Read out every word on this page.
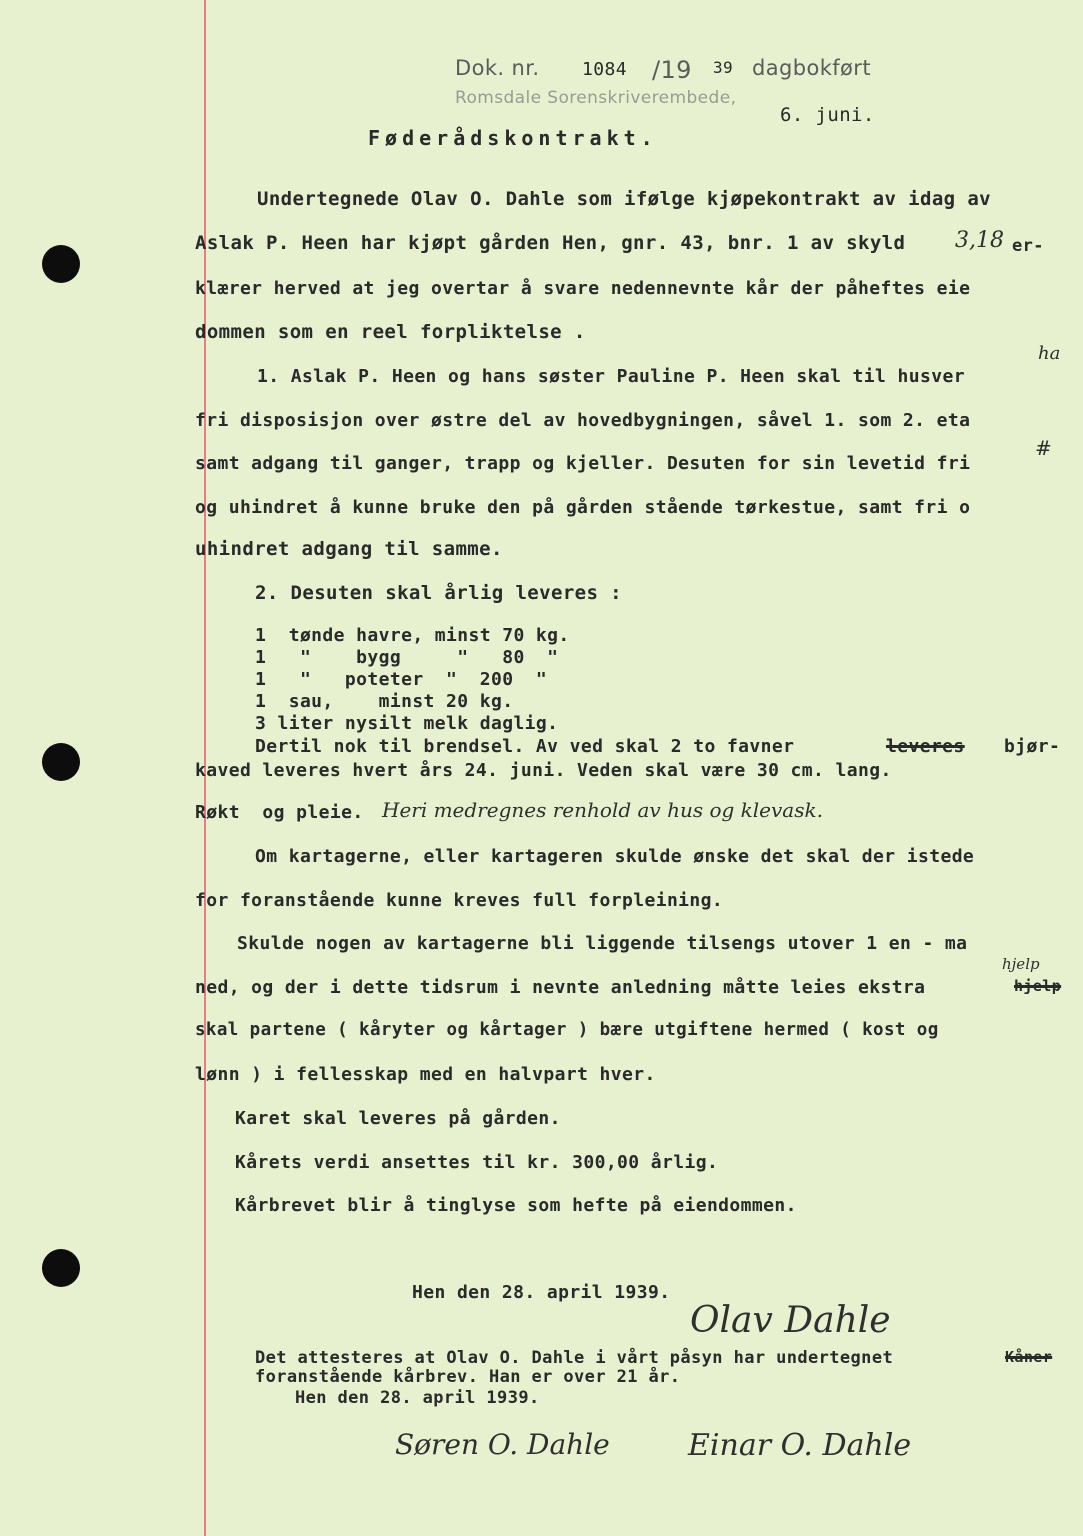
Dok. nr. 1084 /19 39 dagbokført
Romsdale Sorenskriverembede,
6. juni.
Føderådskontrakt.
Undertegnede Olav O. Dahle som ifølge kjøpekontrakt av idag av
Aslak P. Heen har kjøpt gården Hen, gnr. 43, bnr. 1 av skyld 3,18 er-
klærer herved at jeg overtar å svare nedennevnte kår der påheftes eie
dommen som en reel forpliktelse .
ha
1. Aslak P. Heen og hans søster Pauline P. Heen skal til husver
fri disposisjon over østre del av hovedbygningen, såvel 1. som 2. eta
#
samt adgang til ganger, trapp og kjeller. Desuten for sin levetid fri
og uhindret å kunne bruke den på gården stående tørkestue, samt fri o
uhindret adgang til samme.
2. Desuten skal årlig leveres :
1  tønde havre, minst 70 kg.
1   "    bygg     "   80  "
1   "   poteter  "  200  "
1  sau,    minst 20 kg.
3 liter nysilt melk daglig.
Dertil nok til brendsel. Av ved skal 2 to favner	leveres bjør-
kaved leveres hvert års 24. juni. Veden skal være 30 cm. lang.
Røkt  og pleie. Heri medregnes renhold av hus og klevask.
Om kartagerne, eller kartageren skulde ønske det skal der istede
for foranstående kunne kreves full forpleining.
Skulde nogen av kartagerne bli liggende tilsengs utover 1 en - ma
ned, og der i dette tidsrum i nevnte anledning måtte leies ekstra
hjelp
hjelp
skal partene ( kåryter og kårtager ) bære utgiftene hermed ( kost og
lønn ) i fellesskap med en halvpart hver.
Karet skal leveres på gården.
Kårets verdi ansettes til kr. 300,00 årlig.
Kårbrevet blir å tinglyse som hefte på eiendommen.
Hen den 28. april 1939.
Olav Dahle
Det attesteres at Olav O. Dahle i vårt påsyn har undertegnet	Kåner
foranstående kårbrev. Han er over 21 år.
Hen den 28. april 1939.
Søren O. Dahle	Einar O. Dahle
